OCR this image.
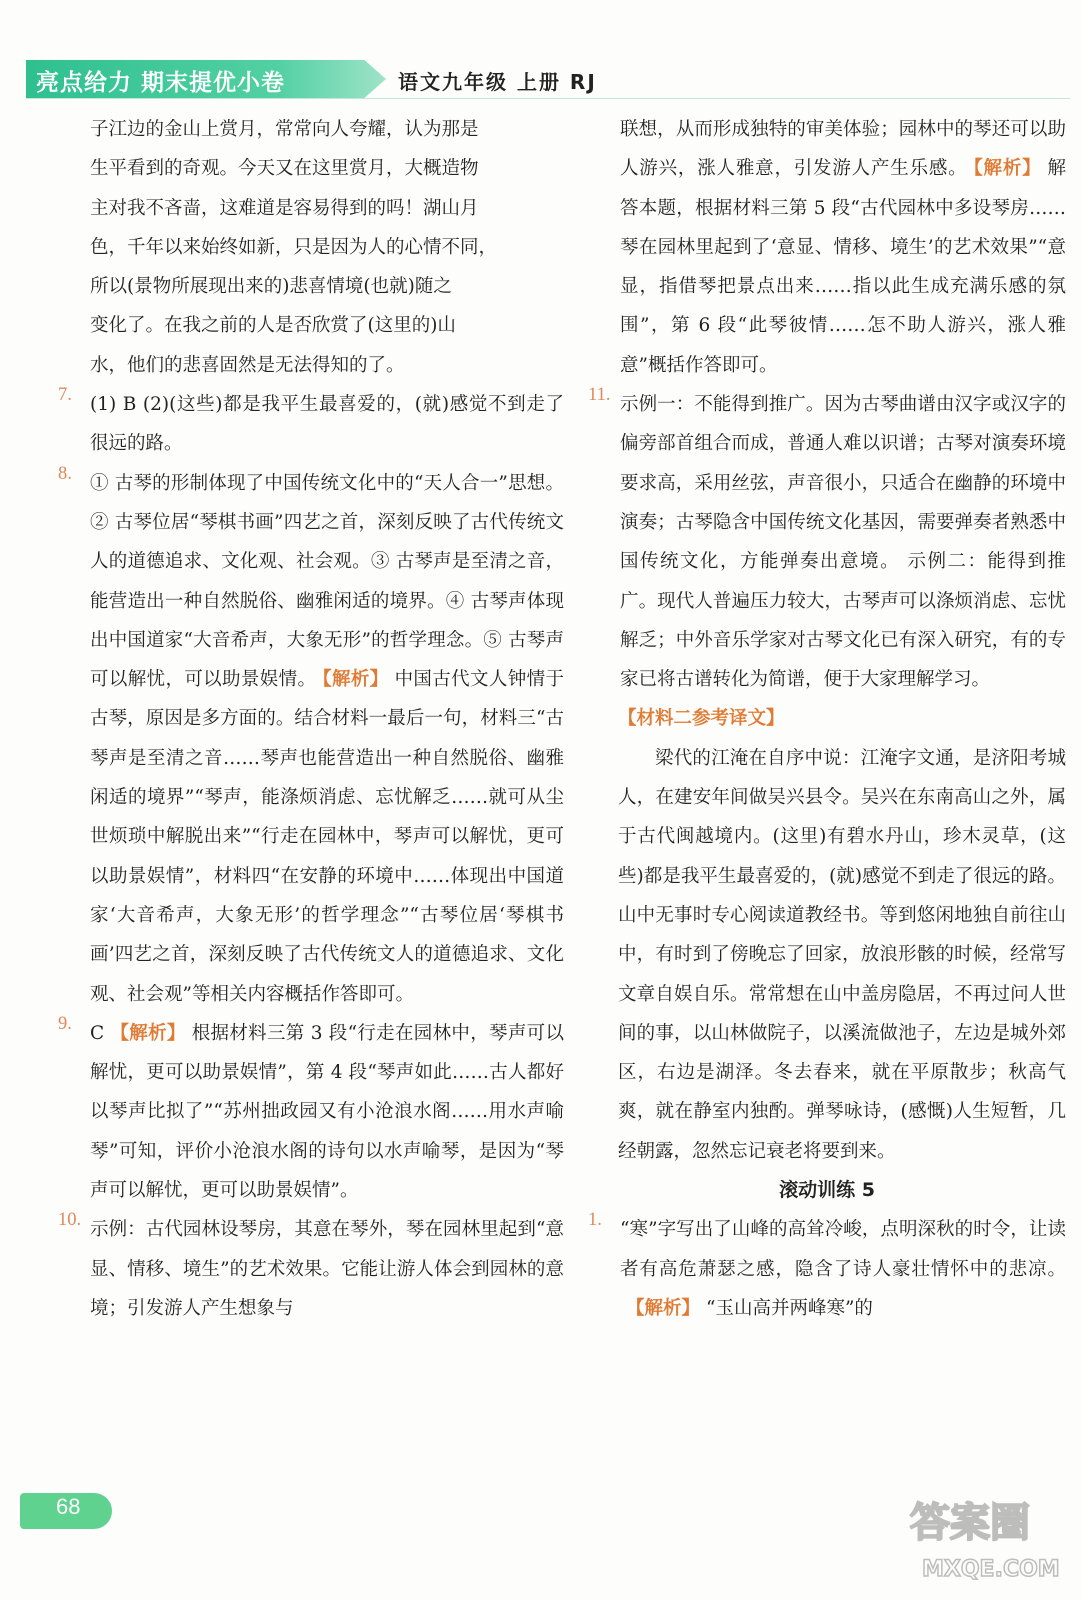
亮点给力 期末提优小卷	语文九年级 上册 RJ

子江边的金山上赏月，常常向人夸耀，认为那是

生平看到的奇观。今天又在这里赏月，大概造物

主对我不吝啬，这难道是容易得到的吗！湖山月

色，千年以来始终如新，只是因为人的心情不同，

所以(景物所展现出来的)悲喜情境(也就)随之

变化了。在我之前的人是否欣赏了(这里的)山

水，他们的悲喜固然是无法得知的了。

7. (1) B (2)(这些)都是我平生最喜爱的，(就)感觉不到走了很远的路。

8. ① 古琴的形制体现了中国传统文化中的“天人合一”思想。② 古琴位居“琴棋书画”四艺之首，深刻反映了古代传统文人的道德追求、文化观、社会观。③ 古琴声是至清之音，能营造出一种自然脱俗、幽雅闲适的境界。④ 古琴声体现出中国道家“大音希声，大象无形”的哲学理念。⑤ 古琴声可以解忧，可以助景娱情。 【解析】 中国古代文人钟情于古琴，原因是多方面的。结合材料一最后一句，材料三“古琴声是至清之音……琴声也能营造出一种自然脱俗、幽雅闲适的境界”“琴声，能涤烦消虑、忘忧解乏……就可从尘世烦琐中解脱出来”“行走在园林中，琴声可以解忧，更可以助景娱情”，材料四“在安静的环境中……体现出中国道家‘大音希声，大象无形’的哲学理念”“古琴位居‘琴棋书画’四艺之首，深刻反映了古代传统文人的道德追求、文化观、社会观”等相关内容概括作答即可。

9. C 【解析】 根据材料三第 3 段“行走在园林中，琴声可以解忧，更可以助景娱情”，第 4 段“琴声如此……古人都好以琴声比拟了”“苏州拙政园又有小沧浪水阁……用水声喻琴”可知，评价小沧浪水阁的诗句以水声喻琴，是因为“琴声可以解忧，更可以助景娱情”。

10. 示例：古代园林设琴房，其意在琴外，琴在园林里起到“意显、情移、境生”的艺术效果。它能让游人体会到园林的意境；引发游人产生想象与

联想，从而形成独特的审美体验；园林中的琴还可以助人游兴，涨人雅意，引发游人产生乐感。 【解析】 解答本题，根据材料三第 5 段“古代园林中多设琴房……琴在园林里起到了‘意显、情移、境生’的艺术效果”“意显，指借琴把景点出来……指以此生成充满乐感的氛围”，第 6 段“此琴彼情……怎不助人游兴，涨人雅意”概括作答即可。

11. 示例一：不能得到推广。因为古琴曲谱由汉字或汉字的偏旁部首组合而成，普通人难以识谱；古琴对演奏环境要求高，采用丝弦，声音很小，只适合在幽静的环境中演奏；古琴隐含中国传统文化基因，需要弹奏者熟悉中国传统文化，方能弹奏出意境。 示例二：能得到推广。现代人普遍压力较大，古琴声可以涤烦消虑、忘忧解乏；中外音乐学家对古琴文化已有深入研究，有的专家已将古谱转化为简谱，便于大家理解学习。

【材料二参考译文】

梁代的江淹在自序中说：江淹字文通，是济阳考城人，在建安年间做吴兴县令。吴兴在东南高山之外，属于古代闽越境内。(这里)有碧水丹山，珍木灵草，(这些)都是我平生最喜爱的，(就)感觉不到走了很远的路。山中无事时专心阅读道教经书。等到悠闲地独自前往山中，有时到了傍晚忘了回家，放浪形骸的时候，经常写文章自娱自乐。常常想在山中盖房隐居，不再过问人世间的事，以山林做院子，以溪流做池子，左边是城外郊区，右边是湖泽。冬去春来，就在平原散步；秋高气爽，就在静室内独酌。弹琴咏诗，(感慨)人生短暂，几经朝露，忽然忘记衰老将要到来。

滚动训练 5
1. “寒”字写出了山峰的高耸冷峻，点明深秋的时令，让读者有高危萧瑟之感，隐含了诗人豪壮情怀中的悲凉。【解析】 “玉山高并两峰寒”的

68	答案圈
MXQE.COM
